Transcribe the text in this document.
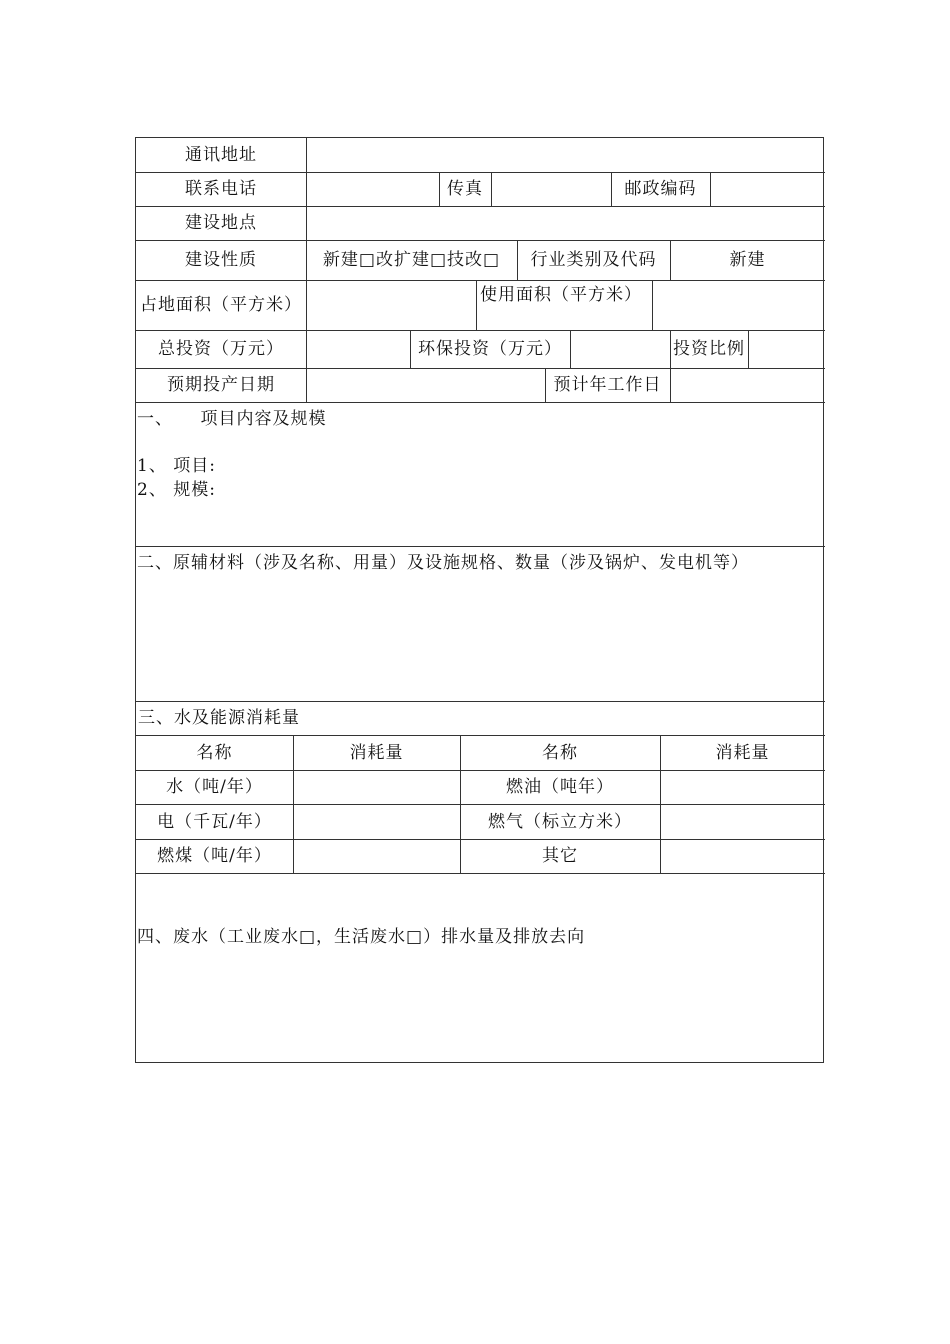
通讯地址
联系电话	传真	邮政编码
建设地点
建设性质	新建□改扩建□技改□	行业类别及代码	新建
占地面积（平方米）	使用面积（平方米）
总投资（万元）	环保投资（万元）	投资比例
预期投产日期	预计年工作日
一、　　项目内容及规模
1、 项目:
2、 规模:
二、原辅材料（涉及名称、用量）及设施规格、数量（涉及锅炉、发电机等）
三、水及能源消耗量
名称	消耗量	名称	消耗量
水（吨/年）	燃油（吨年）
电（千瓦/年）	燃气（标立方米）
燃煤（吨/年）	其它
四、废水（工业废水□，生活废水□）排水量及排放去向
